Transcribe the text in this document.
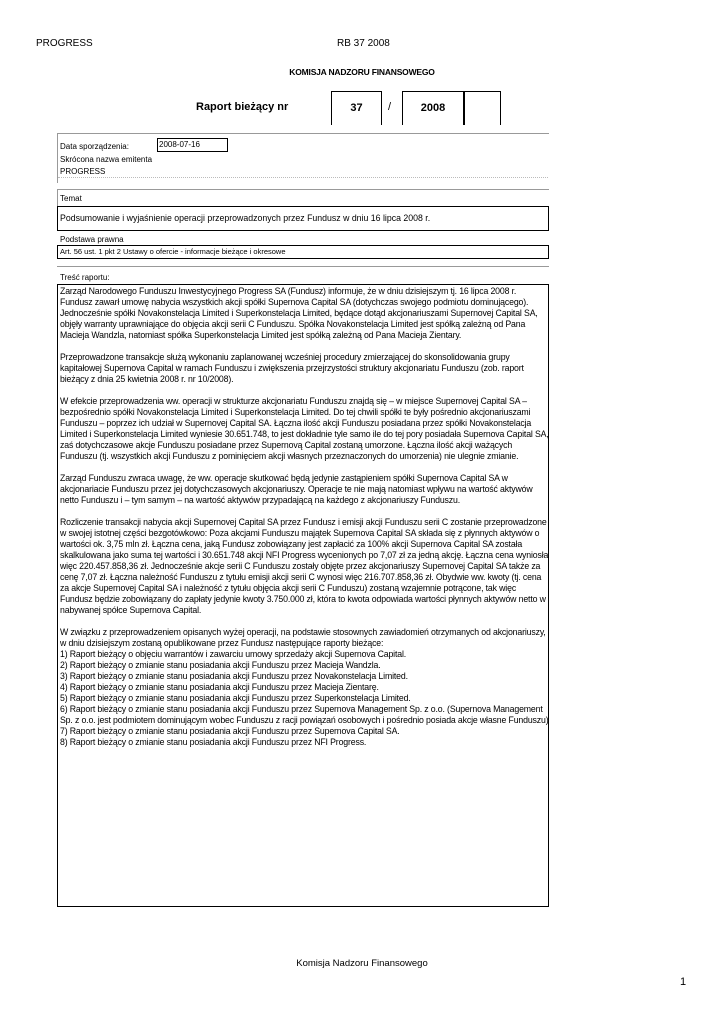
PROGRESS	RB 37 2008
KOMISJA NADZORU FINANSOWEGO
Raport bieżący nr	37	/	2008
Data sporządzenia:	2008-07-16
Skrócona nazwa emitenta
PROGRESS
Temat
Podsumowanie i wyjaśnienie operacji przeprowadzonych przez Fundusz w dniu 16 lipca 2008 r.
Podstawa prawna
Art. 56 ust. 1 pkt 2 Ustawy o ofercie - informacje bieżące i okresowe
Treść raportu:

Zarząd Narodowego Funduszu Inwestycyjnego Progress SA (Fundusz) informuje, że w dniu dzisiejszym tj. 16 lipca 2008 r. Fundusz zawarł umowę nabycia wszystkich akcji spółki Supernova Capital SA (dotychczas swojego podmiotu dominującego). Jednocześnie spółki Novakonstelacja Limited i Superkonstelacja Limited, będące dotąd akcjonariuszami Supernovej Capital SA, objęły warranty uprawniające do objęcia akcji serii C Funduszu. Spółka Novakonstelacja Limited jest spółką zależną od Pana Macieja Wandzla, natomiast spółka Superkonstelacja Limited jest spółką zależną od Pana Macieja Zientary.

Przeprowadzone transakcje służą wykonaniu zaplanowanej wcześniej procedury zmierzającej do skonsolidowania grupy kapitałowej Supernova Capital w ramach Funduszu i zwiększenia przejrzystości struktury akcjonariatu Funduszu (zob. raport bieżący z dnia 25 kwietnia 2008 r. nr 10/2008).

W efekcie przeprowadzenia ww. operacji w strukturze akcjonariatu Funduszu znajdą się – w miejsce Supernovej Capital SA – bezpośrednio spółki Novakonstelacja Limited i Superkonstelacja Limited. Do tej chwili spółki te były pośrednio akcjonariuszami Funduszu – poprzez ich udział w Supernovej Capital SA. Łączna ilość akcji Funduszu posiadana przez spółki Novakonstelacja Limited i Superkonstelacja Limited wyniesie 30.651.748, to jest dokładnie tyle samo ile do tej pory posiadała Supernova Capital SA, zaś dotychczasowe akcje Funduszu posiadane przez Supernovą Capital zostaną umorzone. Łączna ilość akcji ważących Funduszu (tj. wszystkich akcji Funduszu z pominięciem akcji własnych przeznaczonych do umorzenia) nie ulegnie zmianie.

Zarząd Funduszu zwraca uwagę, że ww. operacje skutkować będą jedynie zastąpieniem spółki Supernova Capital SA w akcjonariacie Funduszu przez jej dotychczasowych akcjonariuszy. Operacje te nie mają natomiast wpływu na wartość aktywów netto Funduszu i – tym samym – na wartość aktywów przypadającą na każdego z akcjonariuszy Funduszu.

Rozliczenie transakcji nabycia akcji Supernovej Capital SA przez Fundusz i emisji akcji Funduszu serii C zostanie przeprowadzone w swojej istotnej części bezgotówkowo: Poza akcjami Funduszu majątek Supernova Capital SA składa się z płynnych aktywów o wartości ok. 3,75 mln zł. Łączna cena, jaką Fundusz zobowiązany jest zapłacić za 100% akcji Supernova Capital SA została skalkulowana jako suma tej wartości i 30.651.748 akcji NFI Progress wycenionych po 7,07 zł za jedną akcję. Łączna cena wyniosła więc 220.457.858,36 zł. Jednocześnie akcje serii C Funduszu zostały objęte przez akcjonariuszy Supernovej Capital SA także za cenę 7,07 zł. Łączna należność Funduszu z tytułu emisji akcji serii C wynosi więc 216.707.858,36 zł. Obydwie ww. kwoty (tj. cena za akcje Supernovej Capital SA i należność z tytułu objęcia akcji serii C Funduszu) zostaną wzajemnie potrącone, tak więc Fundusz będzie zobowiązany do zapłaty jedynie kwoty 3.750.000 zł, która to kwota odpowiada wartości płynnych aktywów netto w nabywanej spółce Supernova Capital.

W związku z przeprowadzeniem opisanych wyżej operacji, na podstawie stosownych zawiadomień otrzymanych od akcjonariuszy, w dniu dzisiejszym zostaną opublikowane przez Fundusz następujące raporty bieżące:

1) Raport bieżący o objęciu warrantów i zawarciu umowy sprzedaży akcji Supernova Capital.

2) Raport bieżący o zmianie stanu posiadania akcji Funduszu przez Macieja Wandzla.

3) Raport bieżący o zmianie stanu posiadania akcji Funduszu przez Novakonstelacja Limited.

4) Raport bieżący o zmianie stanu posiadania akcji Funduszu przez Macieja Zientarę.

5) Raport bieżący o zmianie stanu posiadania akcji Funduszu przez Superkonstelacja Limited.

6) Raport bieżący o zmianie stanu posiadania akcji Funduszu przez Supernova Management Sp. z o.o. (Supernova Management Sp. z o.o. jest podmiotem dominującym wobec Funduszu z racji powiązań osobowych i pośrednio posiada akcje własne Funduszu)

7) Raport bieżący o zmianie stanu posiadania akcji Funduszu przez Supernova Capital SA.

8) Raport bieżący o zmianie stanu posiadania akcji Funduszu przez NFI Progress.

Komisja Nadzoru Finansowego
1
